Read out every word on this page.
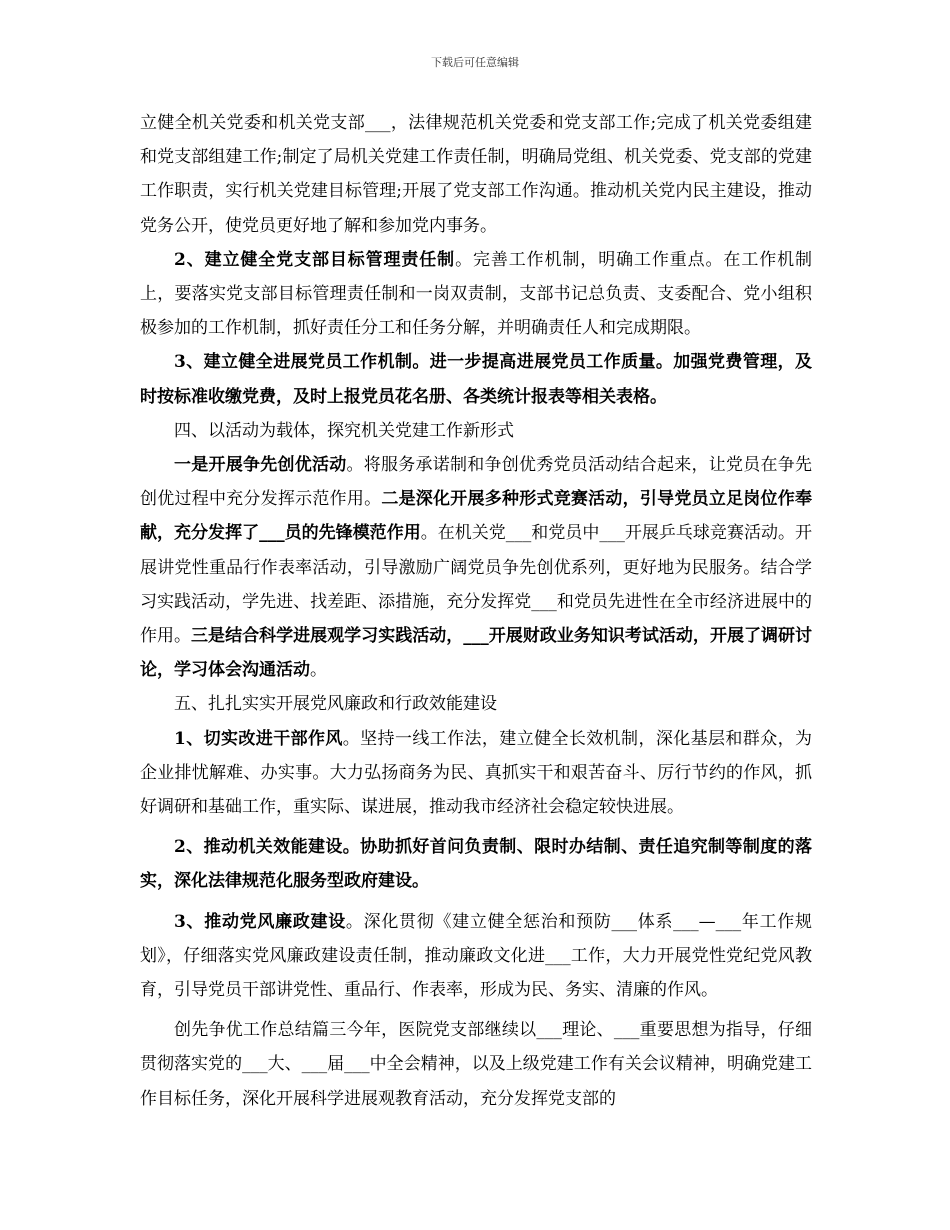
下载后可任意编辑

立健全机关党委和机关党支部___，法律规范机关党委和党支部工作;完成了机关党委组建和党支部组建工作;制定了局机关党建工作责任制，明确局党组、机关党委、党支部的党建工作职责，实行机关党建目标管理;开展了党支部工作沟通。推动机关党内民主建设，推动党务公开，使党员更好地了解和参加党内事务。

2、建立健全党支部目标管理责任制。完善工作机制，明确工作重点。在工作机制上，要落实党支部目标管理责任制和一岗双责制，支部书记总负责、支委配合、党小组积极参加的工作机制，抓好责任分工和任务分解，并明确责任人和完成期限。

3、建立健全进展党员工作机制。进一步提高进展党员工作质量。加强党费管理，及时按标准收缴党费，及时上报党员花名册、各类统计报表等相关表格。

四、以活动为载体，探究机关党建工作新形式

一是开展争先创优活动。将服务承诺制和争创优秀党员活动结合起来，让党员在争先创优过程中充分发挥示范作用。二是深化开展多种形式竞赛活动，引导党员立足岗位作奉献，充分发挥了___员的先锋模范作用。在机关党___和党员中___开展乒乓球竞赛活动。开展讲党性重品行作表率活动，引导激励广阔党员争先创优系列，更好地为民服务。结合学习实践活动，学先进、找差距、添措施，充分发挥党___和党员先进性在全市经济进展中的作用。三是结合科学进展观学习实践活动，___开展财政业务知识考试活动，开展了调研讨论，学习体会沟通活动。

五、扎扎实实开展党风廉政和行政效能建设

1、切实改进干部作风。坚持一线工作法，建立健全长效机制，深化基层和群众，为企业排忧解难、办实事。大力弘扬商务为民、真抓实干和艰苦奋斗、厉行节约的作风，抓好调研和基础工作，重实际、谋进展，推动我市经济社会稳定较快进展。

2、推动机关效能建设。协助抓好首问负责制、限时办结制、责任追究制等制度的落实，深化法律规范化服务型政府建设。

3、推动党风廉政建设。深化贯彻《建立健全惩治和预防___体系___—___年工作规划》，仔细落实党风廉政建设责任制，推动廉政文化进___工作，大力开展党性党纪党风教育，引导党员干部讲党性、重品行、作表率，形成为民、务实、清廉的作风。

创先争优工作总结篇三今年，医院党支部继续以___理论、___重要思想为指导，仔细贯彻落实党的___大、___届___中全会精神，以及上级党建工作有关会议精神，明确党建工作目标任务，深化开展科学进展观教育活动，充分发挥党支部的
